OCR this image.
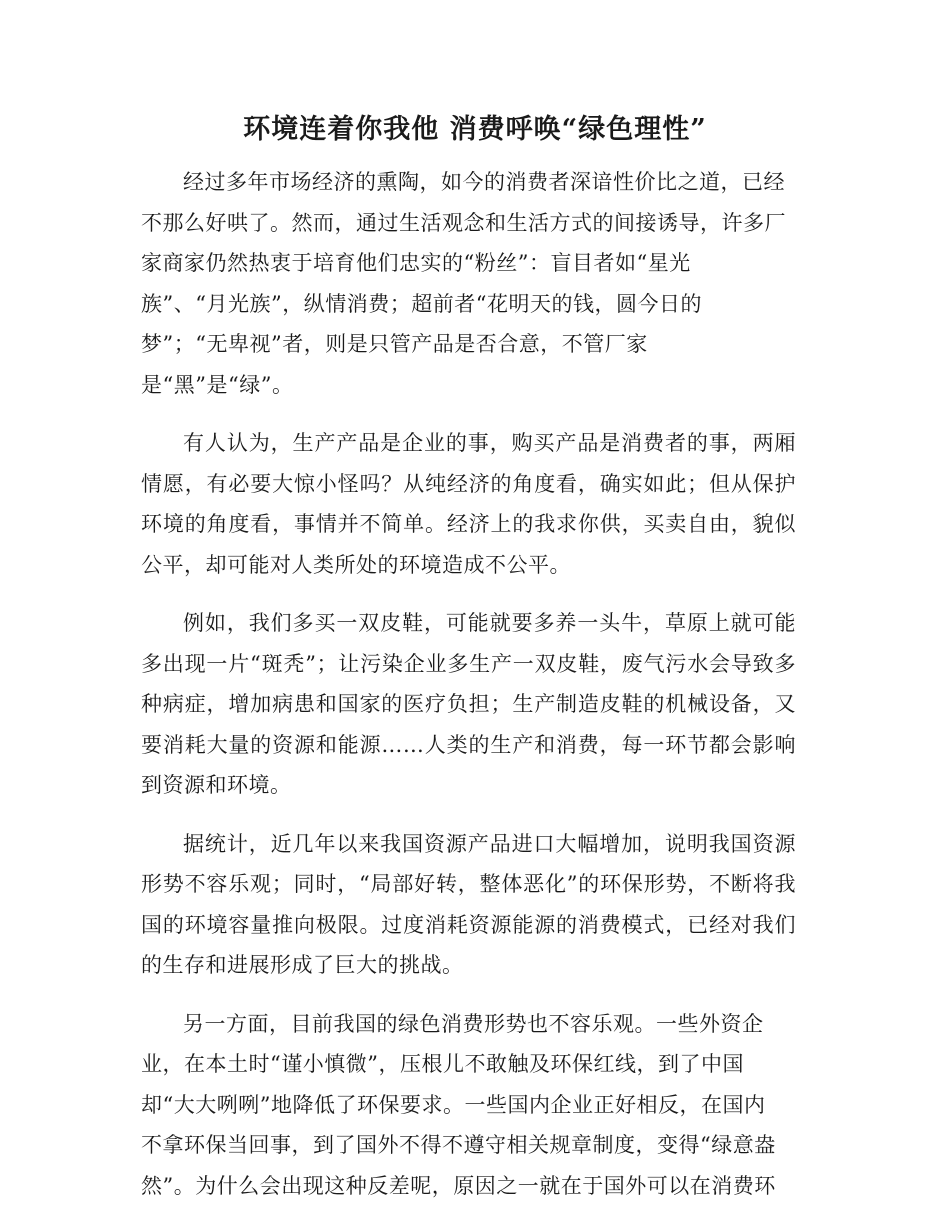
环境连着你我他 消费呼唤“绿色理性”

经过多年市场经济的熏陶，如今的消费者深谙性价比之道，已经
不那么好哄了。然而，通过生活观念和生活方式的间接诱导，许多厂
家商家仍然热衷于培育他们忠实的“粉丝”：盲目者如“星光
族”、“月光族”，纵情消费；超前者“花明天的钱，圆今日的
梦”；“无卑视”者，则是只管产品是否合意，不管厂家
是“黑”是“绿”。

有人认为，生产产品是企业的事，购买产品是消费者的事，两厢情愿，有必要大惊小怪吗？从纯经济的角度看，确实如此；但从保护环境的角度看，事情并不简单。经济上的我求你供，买卖自由，貌似公平，却可能对人类所处的环境造成不公平。

例如，我们多买一双皮鞋，可能就要多养一头牛，草原上就可能多出现一片“斑秃”；让污染企业多生产一双皮鞋，废气污水会导致多种病症，增加病患和国家的医疗负担；生产制造皮鞋的机械设备，又要消耗大量的资源和能源……人类的生产和消费，每一环节都会影响到资源和环境。

据统计，近几年以来我国资源产品进口大幅增加，说明我国资源形势不容乐观；同时，“局部好转，整体恶化”的环保形势，不断将我国的环境容量推向极限。过度消耗资源能源的消费模式，已经对我们的生存和进展形成了巨大的挑战。

另一方面，目前我国的绿色消费形势也不容乐观。一些外资企
业，在本土时“谨小慎微”，压根儿不敢触及环保红线，到了中国
却“大大咧咧”地降低了环保要求。一些国内企业正好相反，在国内
不拿环保当回事，到了国外不得不遵守相关规章制度，变得“绿意盎
然”。为什么会出现这种反差呢，原因之一就在于国外可以在消费环
